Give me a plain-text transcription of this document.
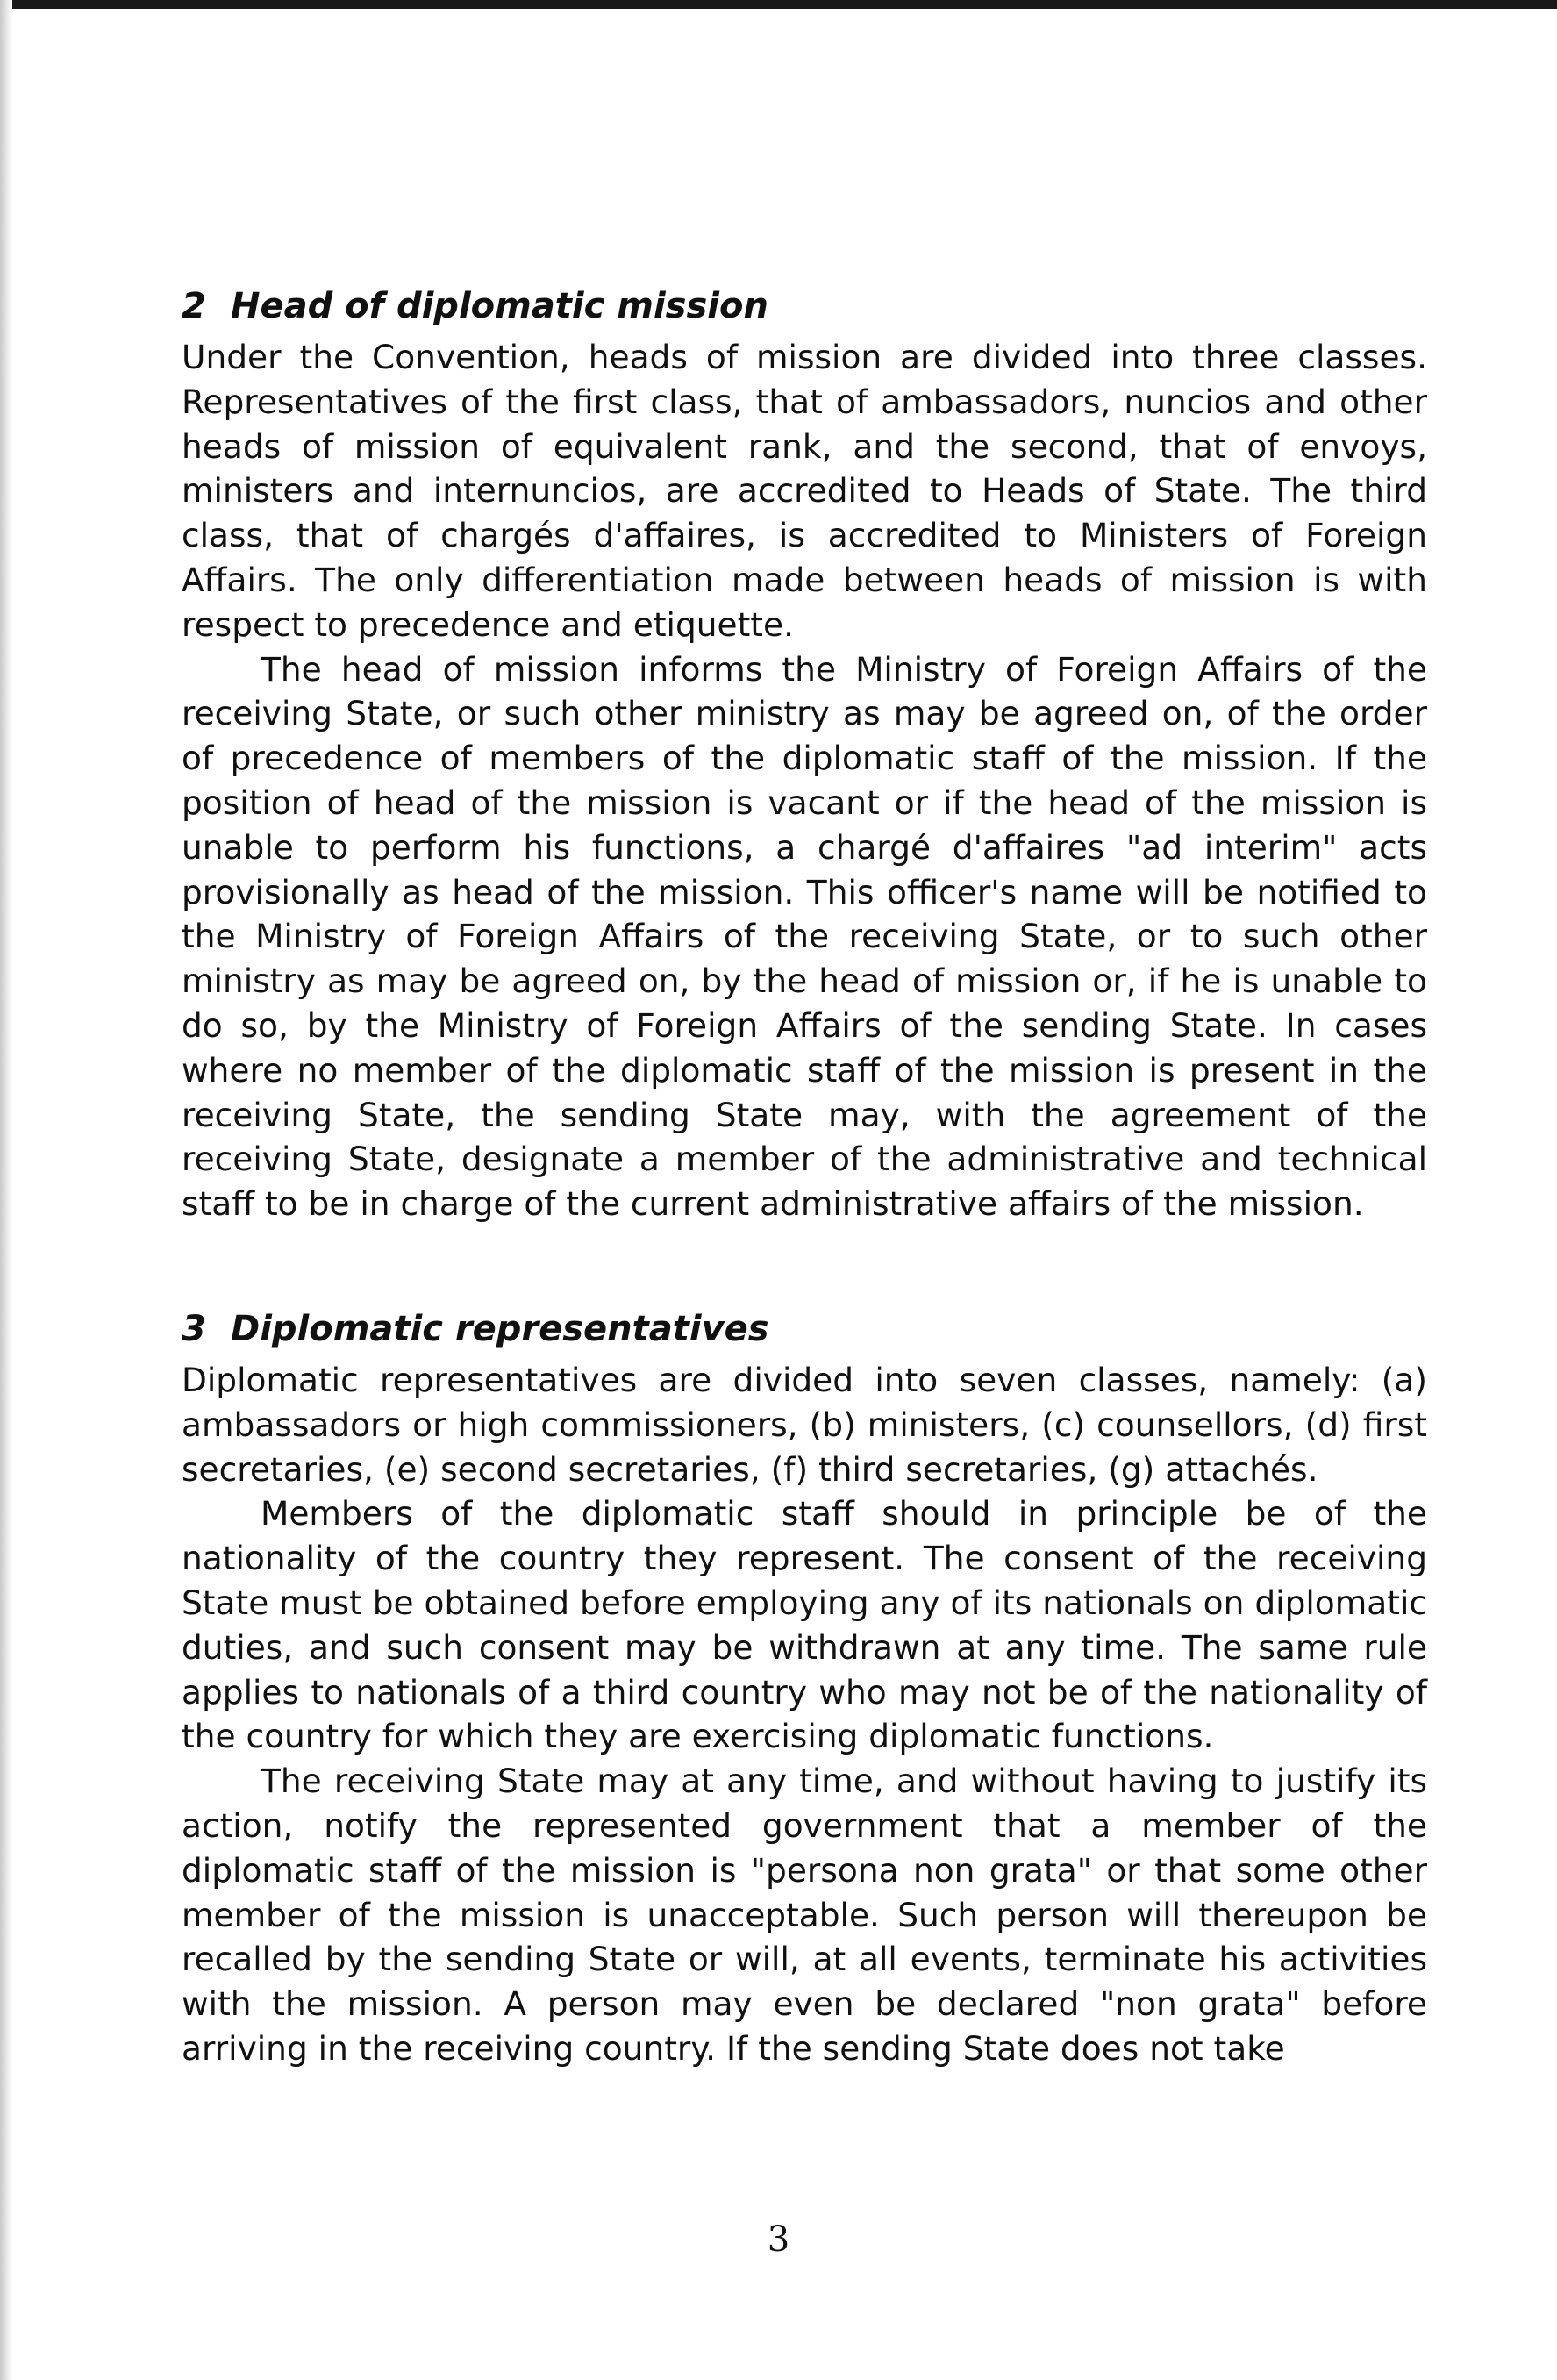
2 Head of diplomatic mission

Under the Convention, heads of mission are divided into three classes. Representatives of the first class, that of ambassadors, nuncios and other heads of mission of equivalent rank, and the second, that of envoys, ministers and internuncios, are accredited to Heads of State. The third class, that of chargés d'affaires, is accredited to Ministers of Foreign Affairs. The only differentiation made between heads of mission is with respect to precedence and etiquette.

The head of mission informs the Ministry of Foreign Affairs of the receiving State, or such other ministry as may be agreed on, of the order of precedence of members of the diplomatic staff of the mission. If the position of head of the mission is vacant or if the head of the mission is unable to perform his functions, a chargé d'affaires "ad interim" acts provisionally as head of the mission. This officer's name will be notified to the Ministry of Foreign Affairs of the receiving State, or to such other ministry as may be agreed on, by the head of mission or, if he is unable to do so, by the Ministry of Foreign Affairs of the sending State. In cases where no member of the diplomatic staff of the mission is present in the receiving State, the sending State may, with the agreement of the receiving State, designate a member of the administrative and technical staff to be in charge of the current administrative affairs of the mission.

3 Diplomatic representatives

Diplomatic representatives are divided into seven classes, namely: (a) ambassadors or high commissioners, (b) ministers, (c) counsellors, (d) first secretaries, (e) second secretaries, (f) third secretaries, (g) attachés.

Members of the diplomatic staff should in principle be of the nationality of the country they represent. The consent of the receiving State must be obtained before employing any of its nationals on diplomatic duties, and such consent may be withdrawn at any time. The same rule applies to nationals of a third country who may not be of the nationality of the country for which they are exercising diplomatic functions.

The receiving State may at any time, and without having to justify its action, notify the represented government that a member of the diplomatic staff of the mission is "persona non grata" or that some other member of the mission is unacceptable. Such person will thereupon be recalled by the sending State or will, at all events, terminate his activities with the mission. A person may even be declared "non grata" before arriving in the receiving country. If the sending State does not take

3
